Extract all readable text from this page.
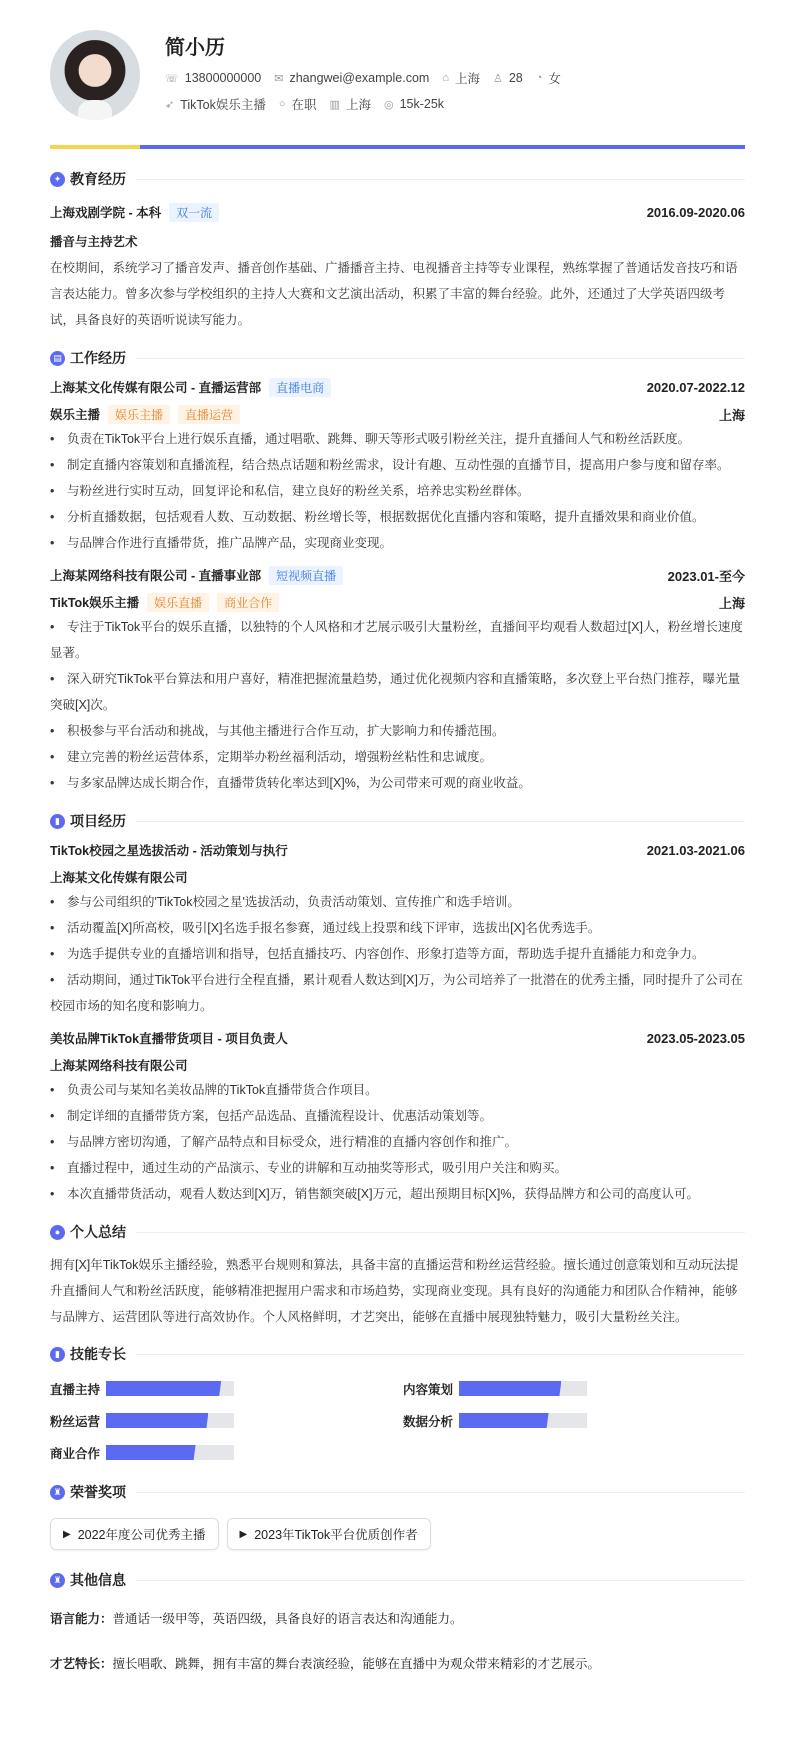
简小历
☏ 13800000000 ✉ zhangwei@example.com ⌂ 上海 ♙ 28 ◔ 女
➶ TikTok娱乐主播 ○ 在职 ▥ 上海 ◎ 15k-25k
✦ 教育经历
上海戏剧学院 - 本科	双一流	2016.09-2020.06
播音与主持艺术
在校期间，系统学习了播音发声、播音创作基础、广播播音主持、电视播音主持等专业课程，熟练掌握了普通话发音技巧和语言表达能力。曾多次参与学校组织的主持人大赛和文艺演出活动，积累了丰富的舞台经验。此外，还通过了大学英语四级考试，具备良好的英语听说读写能力。
▤ 工作经历
上海某文化传媒有限公司 - 直播运营部	直播电商	2020.07-2022.12
娱乐主播	娱乐主播	直播运营	上海
• 负责在TikTok平台上进行娱乐直播，通过唱歌、跳舞、聊天等形式吸引粉丝关注，提升直播间人气和粉丝活跃度。
• 制定直播内容策划和直播流程，结合热点话题和粉丝需求，设计有趣、互动性强的直播节目，提高用户参与度和留存率。
• 与粉丝进行实时互动，回复评论和私信，建立良好的粉丝关系，培养忠实粉丝群体。
• 分析直播数据，包括观看人数、互动数据、粉丝增长等，根据数据优化直播内容和策略，提升直播效果和商业价值。
• 与品牌合作进行直播带货，推广品牌产品，实现商业变现。
上海某网络科技有限公司 - 直播事业部	短视频直播	2023.01-至今
TikTok娱乐主播	娱乐直播	商业合作	上海
• 专注于TikTok平台的娱乐直播，以独特的个人风格和才艺展示吸引大量粉丝，直播间平均观看人数超过[X]人，粉丝增长速度显著。
• 深入研究TikTok平台算法和用户喜好，精准把握流量趋势，通过优化视频内容和直播策略，多次登上平台热门推荐，曝光量突破[X]次。
• 积极参与平台活动和挑战，与其他主播进行合作互动，扩大影响力和传播范围。
• 建立完善的粉丝运营体系，定期举办粉丝福利活动，增强粉丝粘性和忠诚度。
• 与多家品牌达成长期合作，直播带货转化率达到[X]%，为公司带来可观的商业收益。
▮ 项目经历
TikTok校园之星选拔活动 - 活动策划与执行	2021.03-2021.06
上海某文化传媒有限公司
• 参与公司组织的'TikTok校园之星'选拔活动，负责活动策划、宣传推广和选手培训。
• 活动覆盖[X]所高校，吸引[X]名选手报名参赛，通过线上投票和线下评审，选拔出[X]名优秀选手。
• 为选手提供专业的直播培训和指导，包括直播技巧、内容创作、形象打造等方面，帮助选手提升直播能力和竞争力。
• 活动期间，通过TikTok平台进行全程直播，累计观看人数达到[X]万，为公司培养了一批潜在的优秀主播，同时提升了公司在校园市场的知名度和影响力。
美妆品牌TikTok直播带货项目 - 项目负责人	2023.05-2023.05
上海某网络科技有限公司
• 负责公司与某知名美妆品牌的TikTok直播带货合作项目。
• 制定详细的直播带货方案，包括产品选品、直播流程设计、优惠活动策划等。
• 与品牌方密切沟通，了解产品特点和目标受众，进行精准的直播内容创作和推广。
• 直播过程中，通过生动的产品演示、专业的讲解和互动抽奖等形式，吸引用户关注和购买。
• 本次直播带货活动，观看人数达到[X]万，销售额突破[X]万元，超出预期目标[X]%，获得品牌方和公司的高度认可。
● 个人总结
拥有[X]年TikTok娱乐主播经验，熟悉平台规则和算法，具备丰富的直播运营和粉丝运营经验。擅长通过创意策划和互动玩法提升直播间人气和粉丝活跃度，能够精准把握用户需求和市场趋势，实现商业变现。具有良好的沟通能力和团队合作精神，能够与品牌方、运营团队等进行高效协作。个人风格鲜明，才艺突出，能够在直播中展现独特魅力，吸引大量粉丝关注。
▮ 技能专长
直播主持	内容策划
粉丝运营	数据分析
商业合作
♜ 荣誉奖项
▶ 2022年度公司优秀主播	▶ 2023年TikTok平台优质创作者
♜ 其他信息

语言能力：普通话一级甲等，英语四级，具备良好的语言表达和沟通能力。

才艺特长：擅长唱歌、跳舞，拥有丰富的舞台表演经验，能够在直播中为观众带来精彩的才艺展示。
